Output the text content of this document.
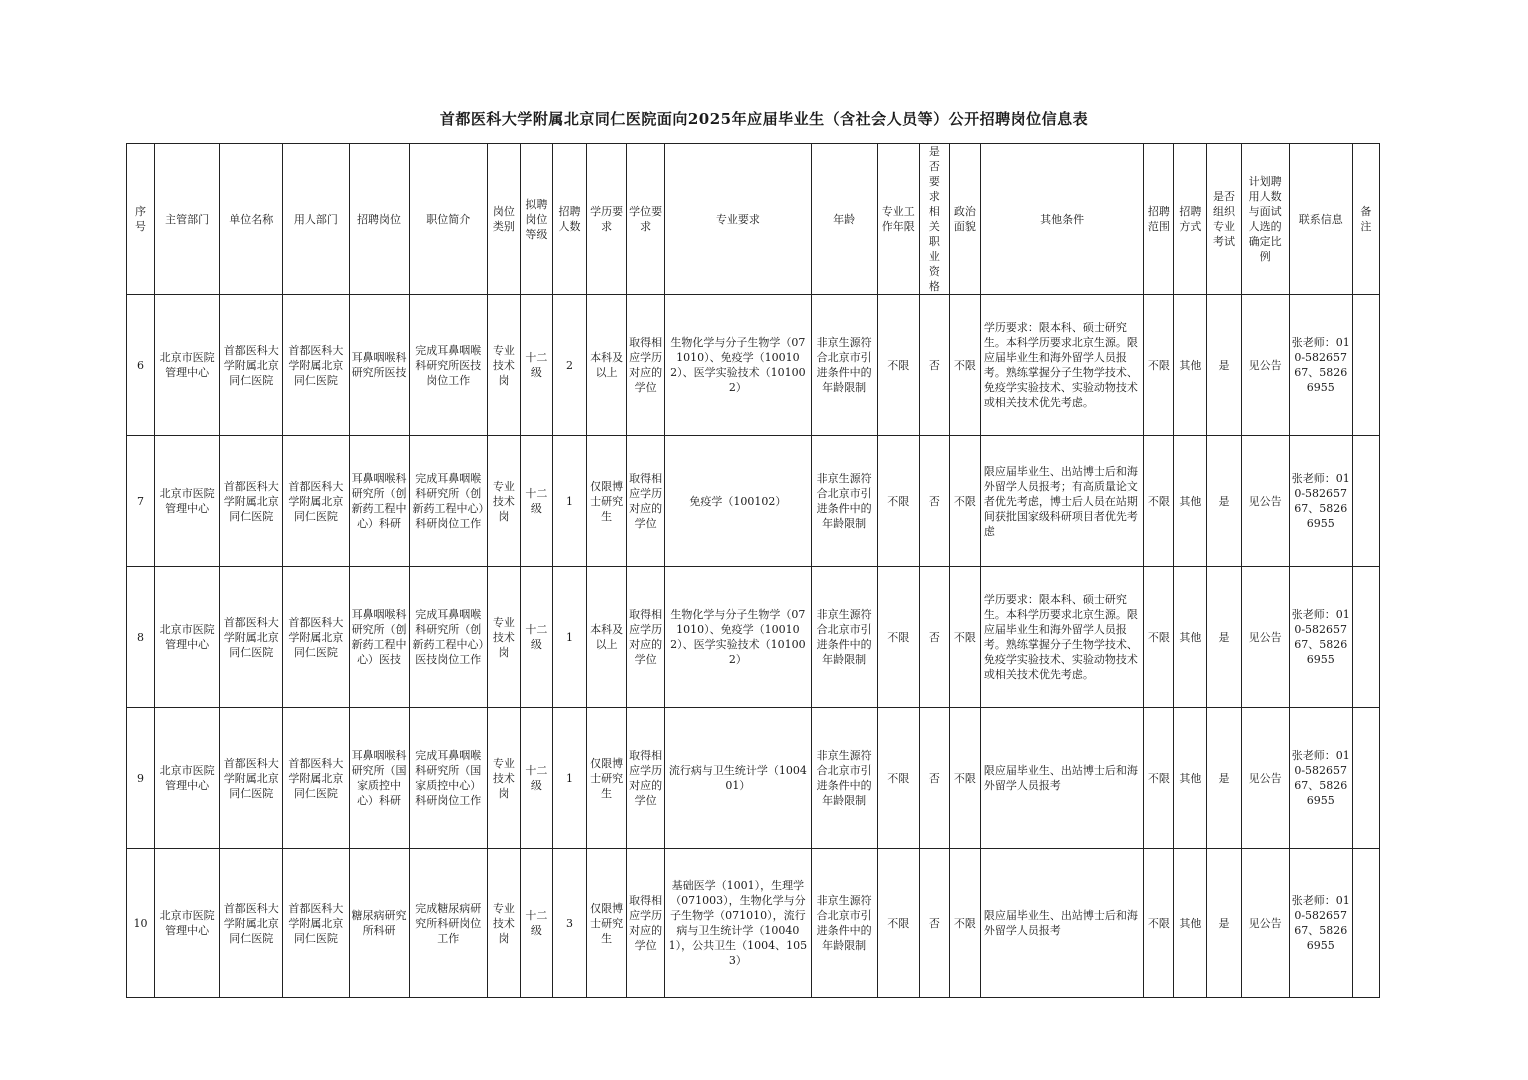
首都医科大学附属北京同仁医院面向2025年应届毕业生（含社会人员等）公开招聘岗位信息表
序号	主管部门	单位名称	用人部门	招聘岗位	职位简介	岗位类别	拟聘岗位等级	招聘人数	学历要求	学位要求	专业要求	年龄	专业工作年限	是否要求相关职业资格	政治面貌	其他条件	招聘范围	招聘方式	是否组织专业考试	计划聘用人数与面试人选的确定比例	联系信息	备注
6	北京市医院管理中心	首都医科大学附属北京同仁医院	首都医科大学附属北京同仁医院	耳鼻咽喉科研究所医技	完成耳鼻咽喉科研究所医技岗位工作	专业技术岗	十二级	2	本科及以上	取得相应学历对应的学位	生物化学与分子生物学（071010）、免疫学（100102）、医学实验技术（101002）	非京生源符合北京市引进条件中的年龄限制	不限	否	不限	学历要求：限本科、硕士研究生。本科学历要求北京生源。限应届毕业生和海外留学人员报考。熟练掌握分子生物学技术、免疫学实验技术、实验动物技术或相关技术优先考虑。	不限	其他	是	见公告	张老师：010-58265767、58266955	
7	北京市医院管理中心	首都医科大学附属北京同仁医院	首都医科大学附属北京同仁医院	耳鼻咽喉科研究所（创新药工程中心）科研	完成耳鼻咽喉科研究所（创新药工程中心）科研岗位工作	专业技术岗	十二级	1	仅限博士研究生	取得相应学历对应的学位	免疫学（100102）	非京生源符合北京市引进条件中的年龄限制	不限	否	不限	限应届毕业生、出站博士后和海外留学人员报考；有高质量论文者优先考虑，博士后人员在站期间获批国家级科研项目者优先考虑	不限	其他	是	见公告	张老师：010-58265767、58266955	
8	北京市医院管理中心	首都医科大学附属北京同仁医院	首都医科大学附属北京同仁医院	耳鼻咽喉科研究所（创新药工程中心）医技	完成耳鼻咽喉科研究所（创新药工程中心）医技岗位工作	专业技术岗	十二级	1	本科及以上	取得相应学历对应的学位	生物化学与分子生物学（071010）、免疫学（100102）、医学实验技术（101002）	非京生源符合北京市引进条件中的年龄限制	不限	否	不限	学历要求：限本科、硕士研究生。本科学历要求北京生源。限应届毕业生和海外留学人员报考。熟练掌握分子生物学技术、免疫学实验技术、实验动物技术或相关技术优先考虑。	不限	其他	是	见公告	张老师：010-58265767、58266955	
9	北京市医院管理中心	首都医科大学附属北京同仁医院	首都医科大学附属北京同仁医院	耳鼻咽喉科研究所（国家质控中心）科研	完成耳鼻咽喉科研究所（国家质控中心）科研岗位工作	专业技术岗	十二级	1	仅限博士研究生	取得相应学历对应的学位	流行病与卫生统计学（100401）	非京生源符合北京市引进条件中的年龄限制	不限	否	不限	限应届毕业生、出站博士后和海外留学人员报考	不限	其他	是	见公告	张老师：010-58265767、58266955	
10	北京市医院管理中心	首都医科大学附属北京同仁医院	首都医科大学附属北京同仁医院	糖尿病研究所科研	完成糖尿病研究所科研岗位工作	专业技术岗	十二级	3	仅限博士研究生	取得相应学历对应的学位	基础医学（1001），生理学（071003），生物化学与分子生物学（071010），流行病与卫生统计学（100401），公共卫生（1004、1053）	非京生源符合北京市引进条件中的年龄限制	不限	否	不限	限应届毕业生、出站博士后和海外留学人员报考	不限	其他	是	见公告	张老师：010-58265767、58266955	
